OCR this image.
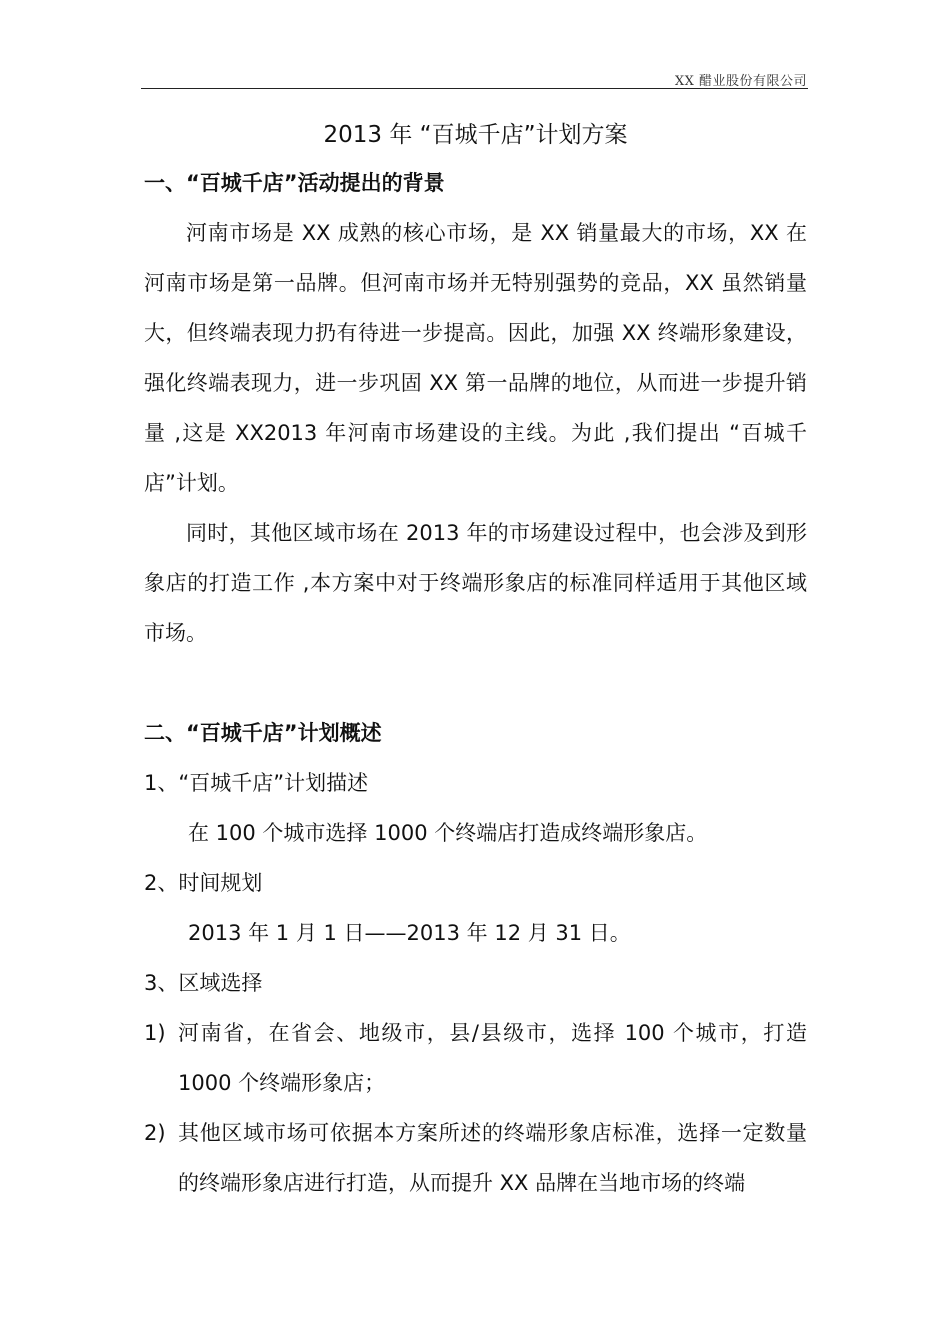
XX 醋业股份有限公司
2013 年 “百城千店”计划方案
一、“百城千店”活动提出的背景

河南市场是 XX 成熟的核心市场，是 XX 销量最大的市场，XX 在河南市场是第一品牌。但河南市场并无特别强势的竞品，XX 虽然销量大，但终端表现力扔有待进一步提高。因此，加强 XX 终端形象建设，强化终端表现力，进一步巩固 XX 第一品牌的地位，从而进一步提升销量 ,这是 XX2013 年河南市场建设的主线。为此 ,我们提出 “百城千店”计划。

同时，其他区域市场在 2013 年的市场建设过程中，也会涉及到形象店的打造工作 ,本方案中对于终端形象店的标准同样适用于其他区域市场。

二、“百城千店”计划概述

1、“百城千店”计划描述

在 100 个城市选择 1000 个终端店打造成终端形象店。

2、时间规划

2013 年 1 月 1 日——2013 年 12 月 31 日。

3、区域选择

1) 河南省，在省会、地级市，县/县级市，选择 100 个城市，打造 1000 个终端形象店；
2) 其他区域市场可依据本方案所述的终端形象店标准，选择一定数量的终端形象店进行打造，从而提升 XX 品牌在当地市场的终端
